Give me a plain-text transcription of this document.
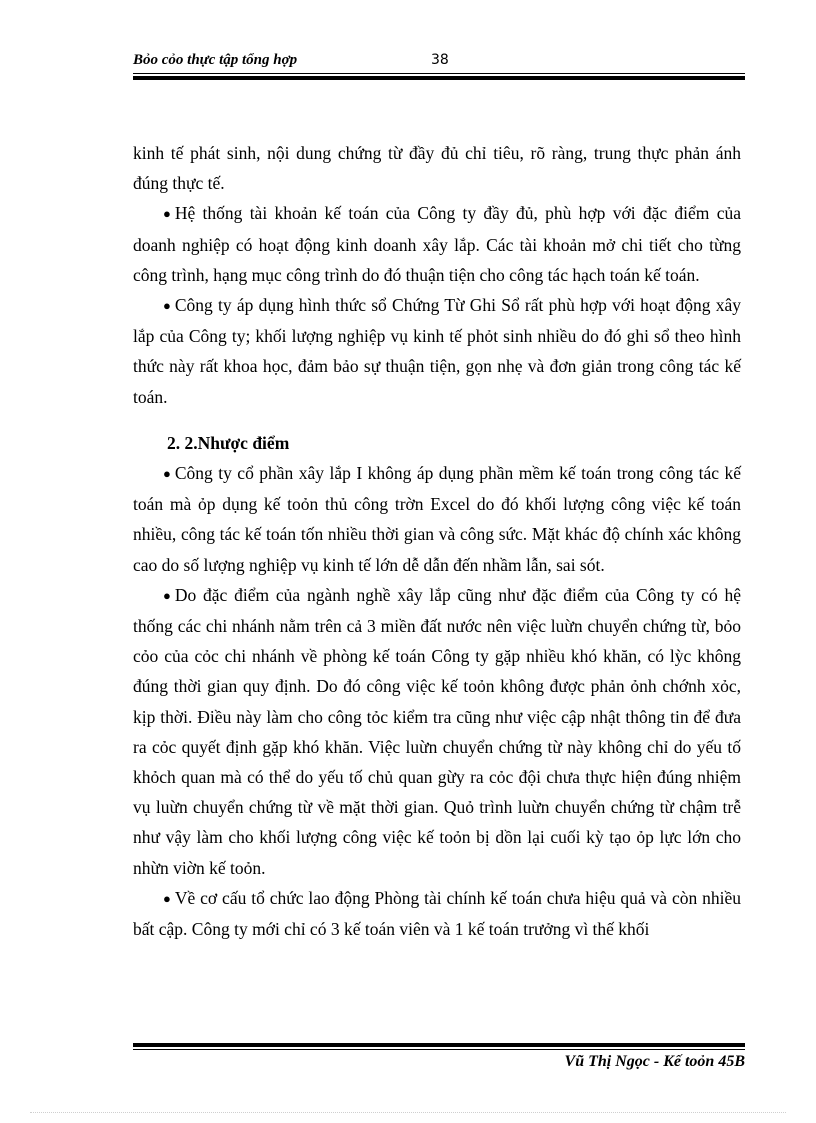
Bỏo cỏo thực tập tổng hợp	38

kinh tế phát sinh, nội dung chứng từ đầy đủ chỉ tiêu, rõ ràng, trung thực phản ánh đúng thực tế.

● Hệ thống tài khoản kế toán của Công ty đầy đủ, phù hợp với đặc điểm của doanh nghiệp có hoạt động kinh doanh xây lắp. Các tài khoản mở chi tiết cho từng công trình, hạng mục công trình do đó thuận tiện cho công tác hạch toán kế toán.

● Công ty áp dụng hình thức sổ Chứng Từ Ghi Sổ rất phù hợp với hoạt động xây lắp của Công ty; khối lượng nghiệp vụ kinh tế phỏt sinh nhiều do đó ghi sổ theo hình thức này rất khoa học, đảm bảo sự thuận tiện, gọn nhẹ và đơn giản trong công tác kế toán.

2. 2.Nhược điểm

● Công ty cổ phần xây lắp I không áp dụng phần mềm kế toán trong công tác kế toán mà ỏp dụng kế toỏn thủ công trờn Excel do đó khối lượng công việc kế toán nhiều, công tác kế toán tốn nhiều thời gian và công sức. Mặt khác độ chính xác không cao do số lượng nghiệp vụ kinh tế lớn dễ dẫn đến nhầm lẫn, sai sót.

● Do đặc điểm của ngành nghề xây lắp cũng như đặc điểm của Công ty có hệ thống các chi nhánh nằm trên cả 3 miền đất nước nên việc luừn chuyển chứng từ, bỏo cỏo của cỏc chi nhánh về phòng kế toán Công ty gặp nhiều khó khăn, có lỳc không đúng thời gian quy định. Do đó công việc kế toỏn không được phản ỏnh chớnh xỏc, kịp thời. Điều này làm cho công tỏc kiểm tra cũng như việc cập nhật thông tin để đưa ra cỏc quyết định gặp khó khăn. Việc luừn chuyển chứng từ này không chỉ do yếu tố khỏch quan mà có thể do yếu tố chủ quan gừy ra cỏc đội chưa thực hiện đúng nhiệm vụ luừn chuyển chứng từ về mặt thời gian. Quỏ trình luừn chuyển chứng từ chậm trễ như vậy làm cho khối lượng công việc kế toỏn bị dồn lại cuối kỳ tạo ỏp lực lớn cho nhừn viờn kế toỏn.

● Về cơ cấu tổ chức lao động Phòng tài chính kế toán chưa hiệu quả và còn nhiều bất cập. Công ty mới chỉ có 3 kế toán viên và 1 kế toán trưởng vì thế khối

Vũ Thị Ngọc - Kế toỏn 45B
